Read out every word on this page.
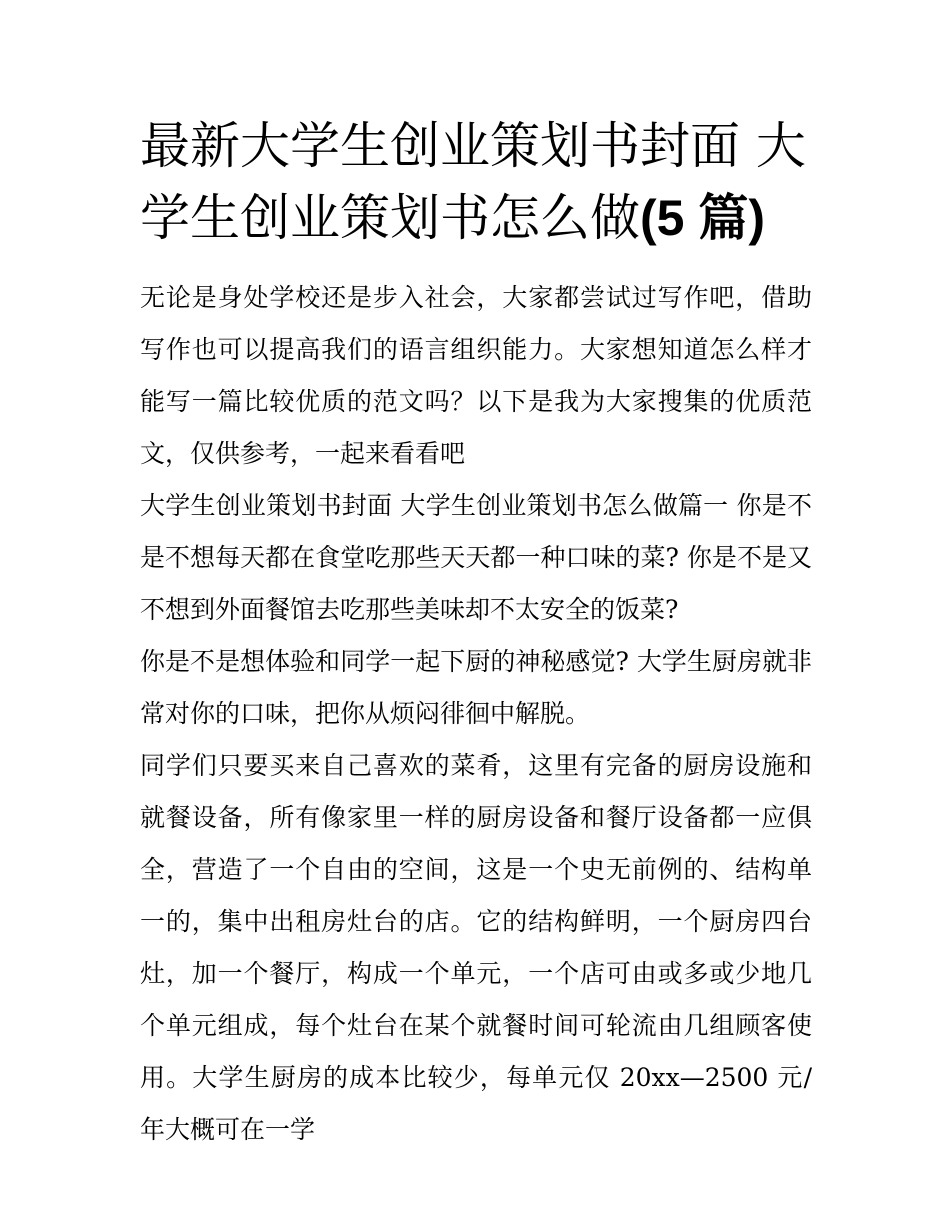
最新大学生创业策划书封面 大学生创业策划书怎么做(5 篇)

无论是身处学校还是步入社会，大家都尝试过写作吧，借助写作也可以提高我们的语言组织能力。大家想知道怎么样才能写一篇比较优质的范文吗？以下是我为大家搜集的优质范文，仅供参考，一起来看看吧

大学生创业策划书封面 大学生创业策划书怎么做篇一 你是不是不想每天都在食堂吃那些天天都一种口味的菜? 你是不是又不想到外面餐馆去吃那些美味却不太安全的饭菜?

你是不是想体验和同学一起下厨的神秘感觉? 大学生厨房就非常对你的口味，把你从烦闷徘徊中解脱。

同学们只要买来自己喜欢的菜肴，这里有完备的厨房设施和就餐设备，所有像家里一样的厨房设备和餐厅设备都一应俱全，营造了一个自由的空间，这是一个史无前例的、结构单一的，集中出租房灶台的店。它的结构鲜明，一个厨房四台灶，加一个餐厅，构成一个单元，一个店可由或多或少地几个单元组成，每个灶台在某个就餐时间可轮流由几组顾客使用。大学生厨房的成本比较少，每单元仅 20xx—2500 元/年大概可在一学
